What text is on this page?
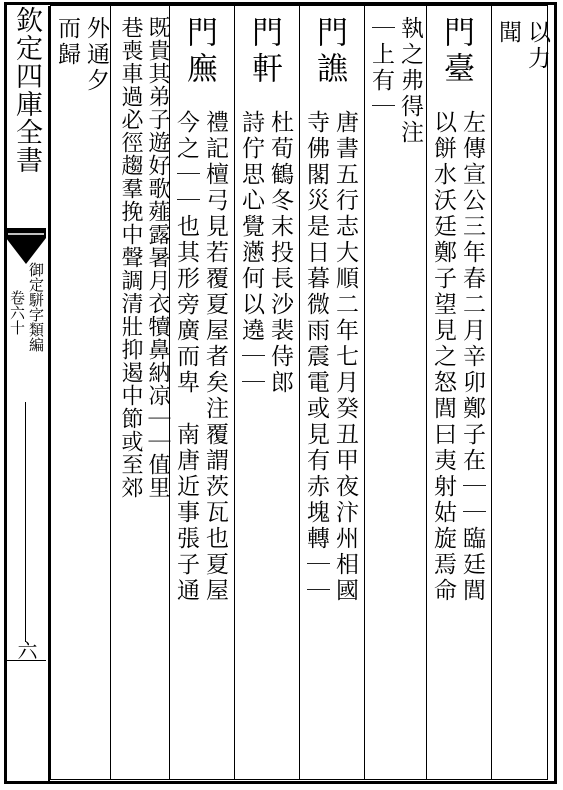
欽定四庫全書
御定駢字類編
卷六十
六
以力
聞
門臺
左傳宣公三年春二月辛卯鄭子在｜｜臨廷閭
以餅水沃廷鄭子望見之怒閭曰夷射姑旋焉命
執之弗得注
｜上有｜
門譙
唐書五行志大順二年七月癸丑甲夜汴州相國
寺佛閣災是日暮微雨震電或見有赤塊轉｜｜
門軒
杜荀鶴冬末投長沙裴侍郎
詩佇思心覺懣何以遶｜｜
門廡
禮記檀弓見若覆夏屋者矣注覆謂茨瓦也夏屋
今之｜｜也其形旁廣而卑　南唐近事張子通
既貴其弟子遊好歌薤露暑月衣犢鼻納凉｜｜值里
巷喪車過必徑趨羣挽中聲調清壯抑遏中節或至郊
外通夕
而歸
